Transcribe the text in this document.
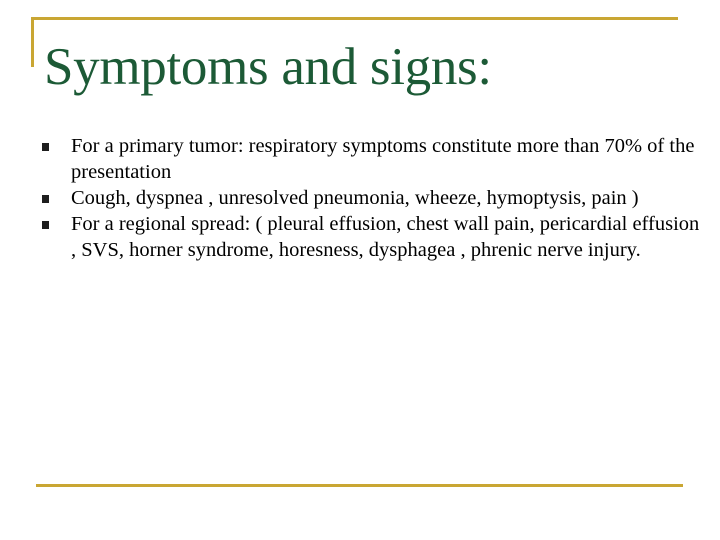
Symptoms and signs:
For a primary tumor: respiratory symptoms constitute more than 70% of the presentation
Cough, dyspnea , unresolved pneumonia, wheeze, hymoptysis, pain )
For a regional spread: ( pleural effusion, chest wall pain, pericardial effusion , SVS, horner syndrome, horesness, dysphagea , phrenic nerve injury.
